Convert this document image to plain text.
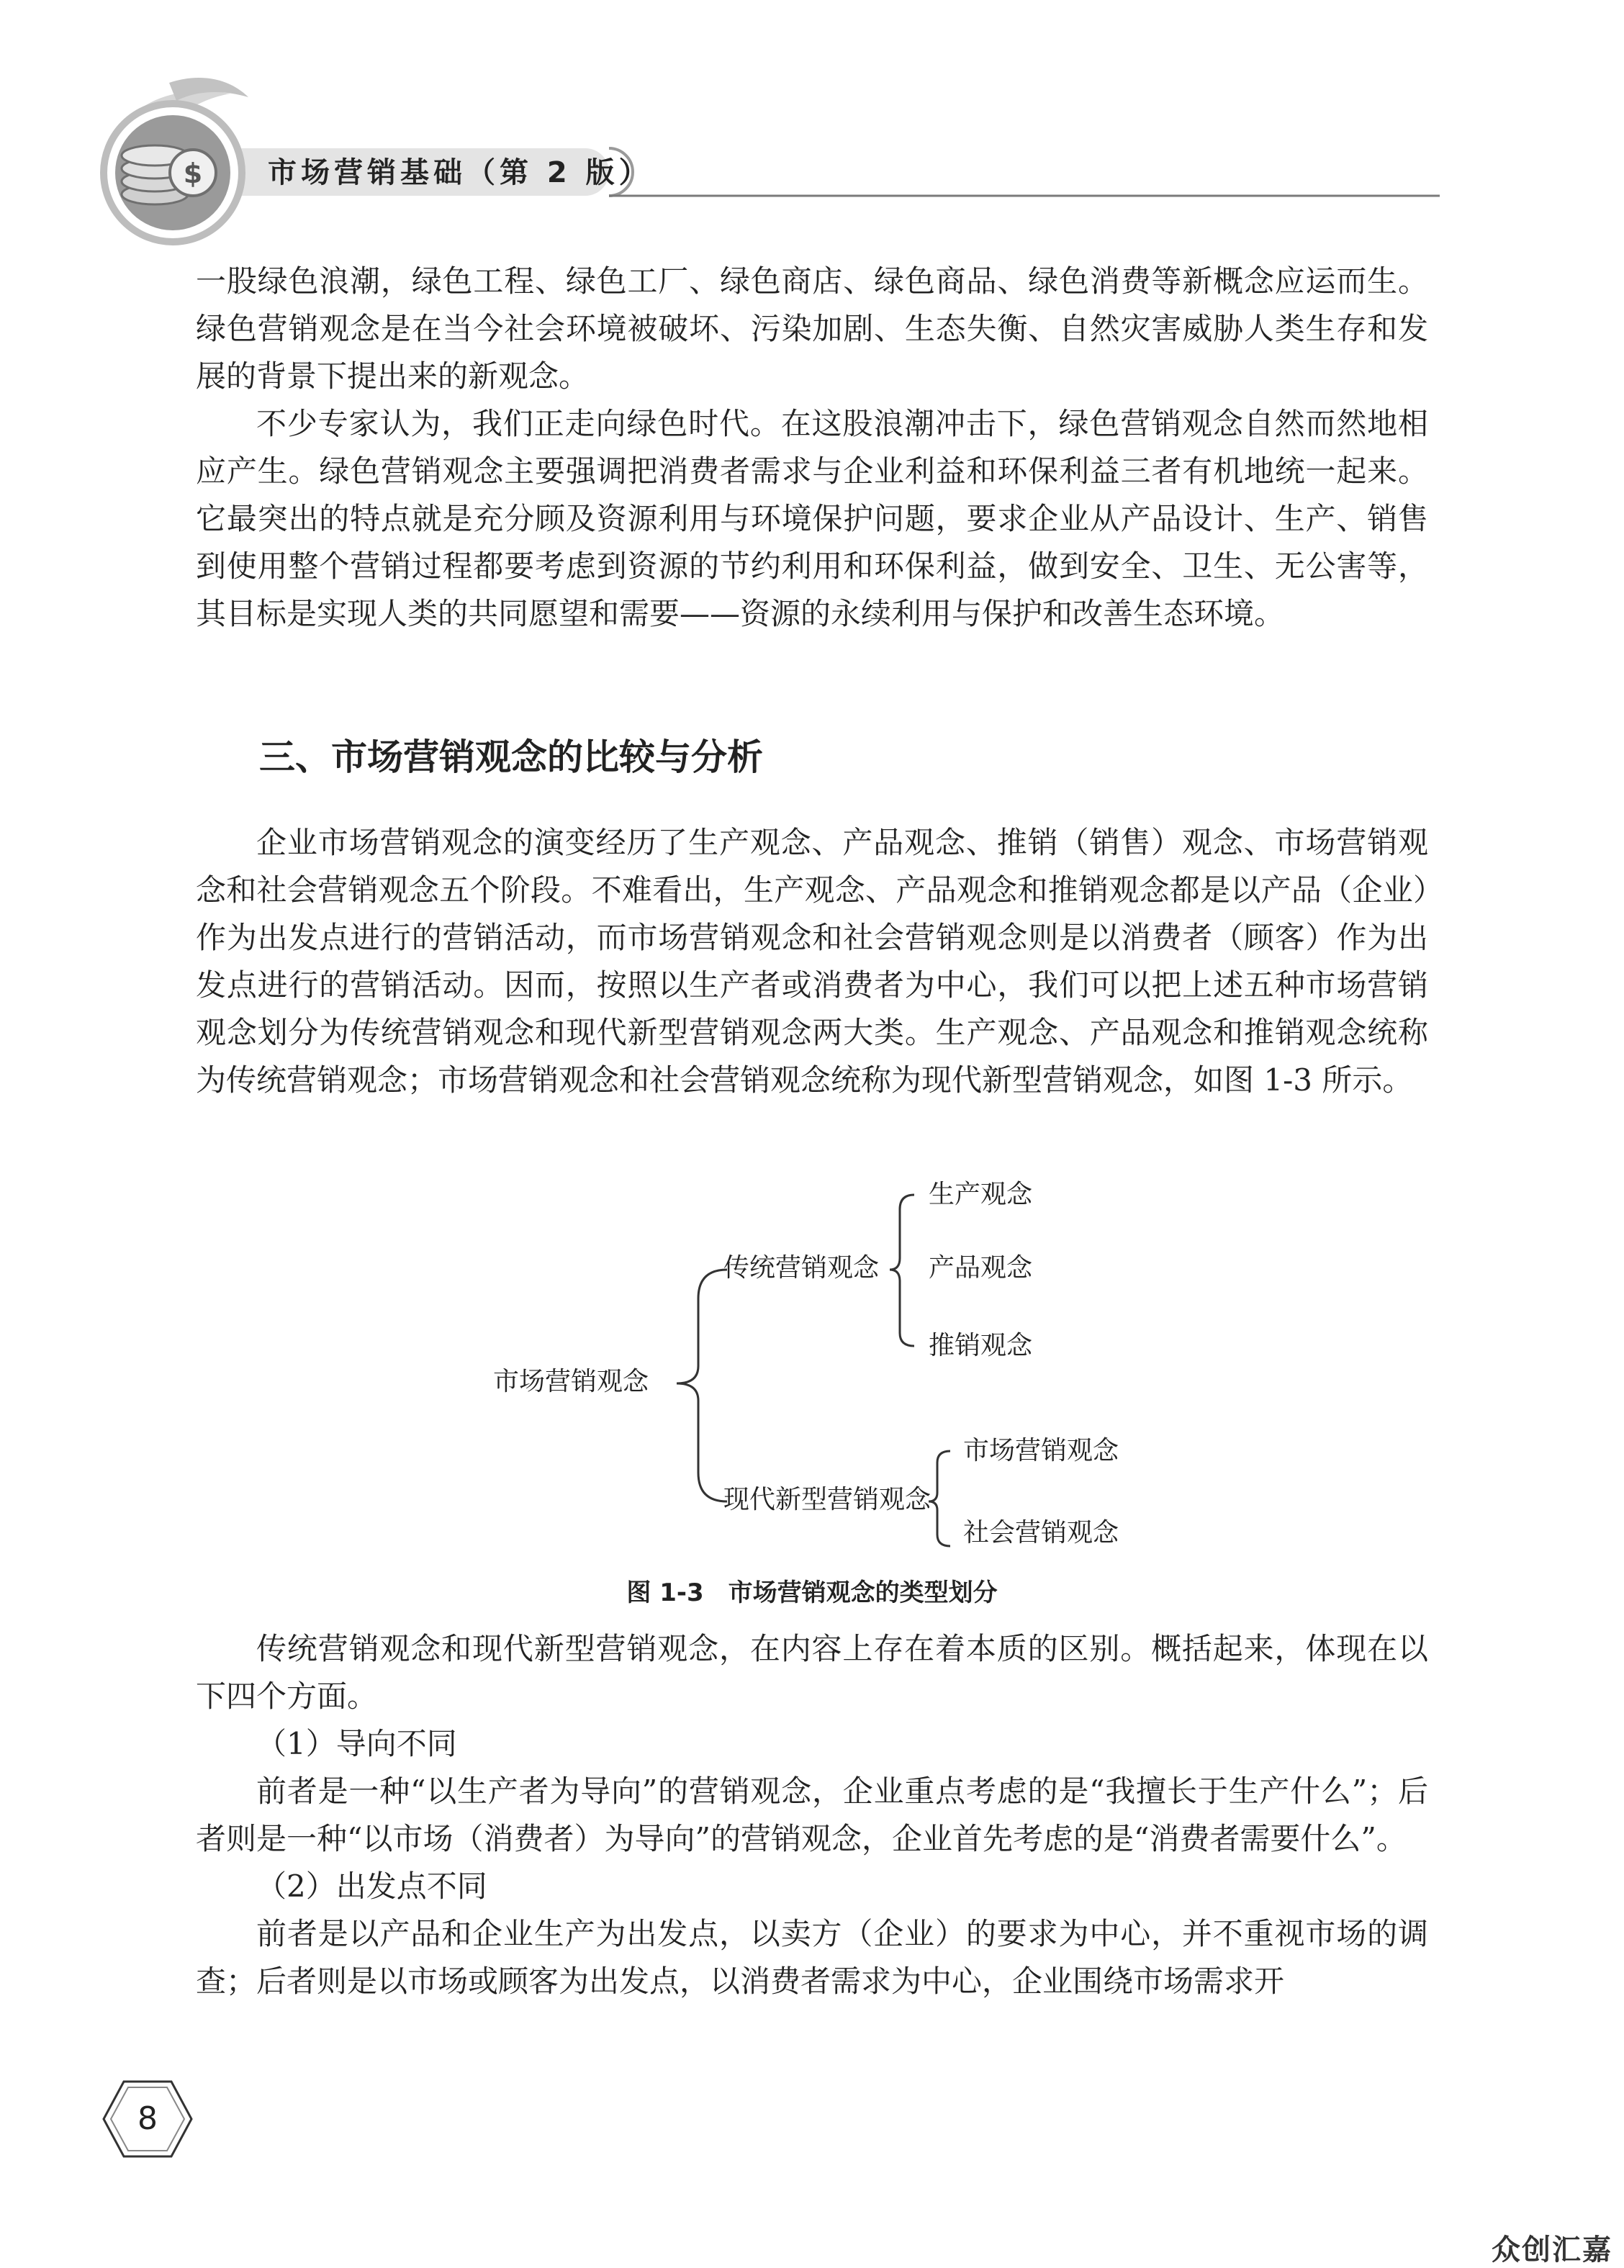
$ 市场营销基础（第 2 版）

一股绿色浪潮，绿色工程、绿色工厂、绿色商店、绿色商品、绿色消费等新概念应运而生。绿色营销观念是在当今社会环境被破坏、污染加剧、生态失衡、自然灾害威胁人类生存和发展的背景下提出来的新观念。

不少专家认为，我们正走向绿色时代。在这股浪潮冲击下，绿色营销观念自然而然地相应产生。绿色营销观念主要强调把消费者需求与企业利益和环保利益三者有机地统一起来。它最突出的特点就是充分顾及资源利用与环境保护问题，要求企业从产品设计、生产、销售到使用整个营销过程都要考虑到资源的节约利用和环保利益，做到安全、卫生、无公害等，其目标是实现人类的共同愿望和需要——资源的永续利用与保护和改善生态环境。

三、市场营销观念的比较与分析

企业市场营销观念的演变经历了生产观念、产品观念、推销（销售）观念、市场营销观念和社会营销观念五个阶段。不难看出，生产观念、产品观念和推销观念都是以产品（企业）作为出发点进行的营销活动，而市场营销观念和社会营销观念则是以消费者（顾客）作为出发点进行的营销活动。因而，按照以生产者或消费者为中心，我们可以把上述五种市场营销观念划分为传统营销观念和现代新型营销观念两大类。生产观念、产品观念和推销观念统称为传统营销观念；市场营销观念和社会营销观念统称为现代新型营销观念，如图 1-3 所示。

市场营销观念
传统营销观念
现代新型营销观念
生产观念
产品观念
推销观念
市场营销观念
社会营销观念
图 1-3 市场营销观念的类型划分

传统营销观念和现代新型营销观念，在内容上存在着本质的区别。概括起来，体现在以下四个方面。

（1）导向不同

前者是一种“以生产者为导向”的营销观念，企业重点考虑的是“我擅长于生产什么”；后者则是一种“以市场（消费者）为导向”的营销观念，企业首先考虑的是“消费者需要什么”。

（2）出发点不同

前者是以产品和企业生产为出发点，以卖方（企业）的要求为中心，并不重视市场的调查；后者则是以市场或顾客为出发点，以消费者需求为中心，企业围绕市场需求开

8
众创汇嘉
